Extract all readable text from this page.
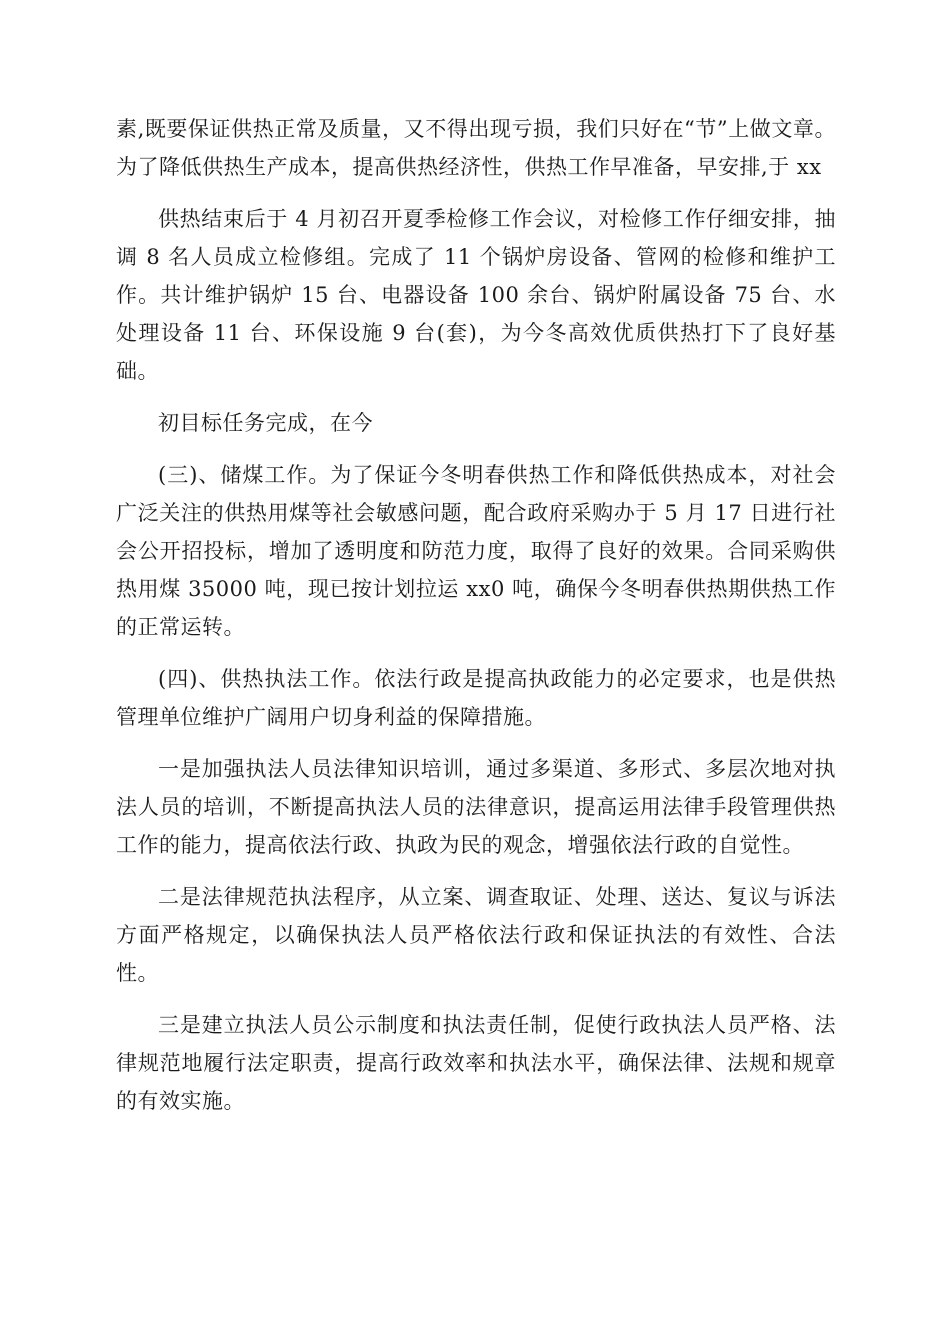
素,既要保证供热正常及质量，又不得出现亏损，我们只好在“节”上做文章。为了降低供热生产成本，提高供热经济性，供热工作早准备，早安排,于 xx

供热结束后于 4 月初召开夏季检修工作会议，对检修工作仔细安排，抽调 8 名人员成立检修组。完成了 11 个锅炉房设备、管网的检修和维护工作。共计维护锅炉 15 台、电器设备 100 余台、锅炉附属设备 75 台、水处理设备 11 台、环保设施 9 台(套)，为今冬高效优质供热打下了良好基础。

初目标任务完成，在今

(三)、储煤工作。为了保证今冬明春供热工作和降低供热成本，对社会广泛关注的供热用煤等社会敏感问题，配合政府采购办于 5 月 17 日进行社会公开招投标，增加了透明度和防范力度，取得了良好的效果。合同采购供热用煤 35000 吨，现已按计划拉运 xx0 吨，确保今冬明春供热期供热工作的正常运转。

(四)、供热执法工作。依法行政是提高执政能力的必定要求，也是供热管理单位维护广阔用户切身利益的保障措施。

一是加强执法人员法律知识培训，通过多渠道、多形式、多层次地对执法人员的培训，不断提高执法人员的法律意识，提高运用法律手段管理供热工作的能力，提高依法行政、执政为民的观念，增强依法行政的自觉性。

二是法律规范执法程序，从立案、调查取证、处理、送达、复议与诉法方面严格规定，以确保执法人员严格依法行政和保证执法的有效性、合法性。

三是建立执法人员公示制度和执法责任制，促使行政执法人员严格、法律规范地履行法定职责，提高行政效率和执法水平，确保法律、法规和规章的有效实施。
